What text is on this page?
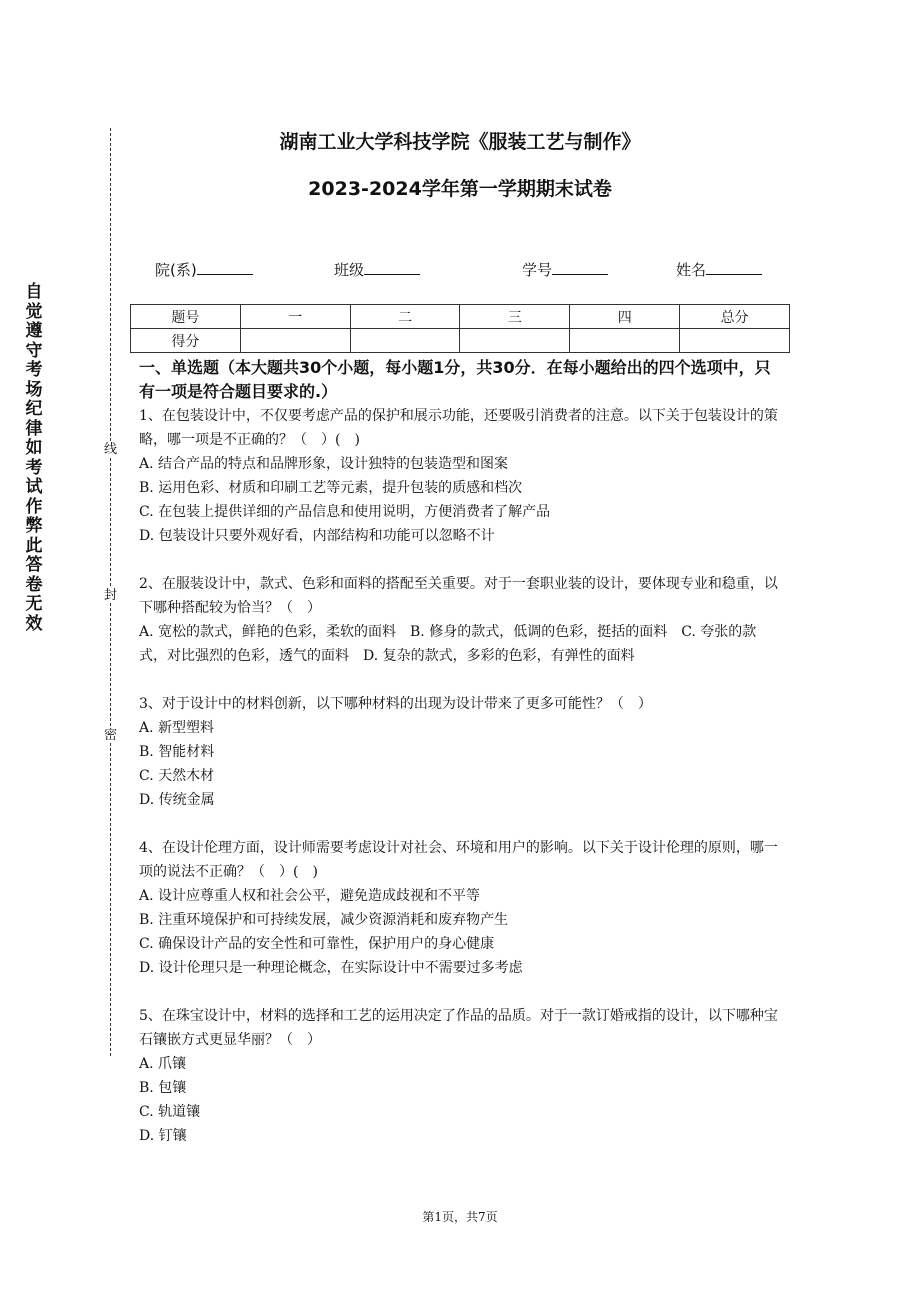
自
觉
遵
守
考
场
纪
律
如
考
试
作
弊
此
答
卷
无
效
线
封
密
湖南工业大学科技学院《服装工艺与制作》
2023-2024学年第一学期期末试卷
院(系)	班级	学号	姓名
题号	一	二	三	四	总分
得分					
一、单选题（本大题共30个小题，每小题1分，共30分．在每小题给出的四个选项中，只有一项是符合题目要求的.）

1、在包装设计中，不仅要考虑产品的保护和展示功能，还要吸引消费者的注意。以下关于包装设计的策略，哪一项是不正确的？（　）(　)

A. 结合产品的特点和品牌形象，设计独特的包装造型和图案
B. 运用色彩、材质和印刷工艺等元素，提升包装的质感和档次
C. 在包装上提供详细的产品信息和使用说明，方便消费者了解产品
D. 包装设计只要外观好看，内部结构和功能可以忽略不计

2、在服装设计中，款式、色彩和面料的搭配至关重要。对于一套职业装的设计，要体现专业和稳重，以下哪种搭配较为恰当？（　）

A. 宽松的款式，鲜艳的色彩，柔软的面料　B. 修身的款式，低调的色彩，挺括的面料　C. 夸张的款式，对比强烈的色彩，透气的面料　D. 复杂的款式，多彩的色彩，有弹性的面料

3、对于设计中的材料创新，以下哪种材料的出现为设计带来了更多可能性？（　）

A. 新型塑料
B. 智能材料
C. 天然木材
D. 传统金属

4、在设计伦理方面，设计师需要考虑设计对社会、环境和用户的影响。以下关于设计伦理的原则，哪一项的说法不正确？（　）(　)

A. 设计应尊重人权和社会公平，避免造成歧视和不平等
B. 注重环境保护和可持续发展，减少资源消耗和废弃物产生
C. 确保设计产品的安全性和可靠性，保护用户的身心健康
D. 设计伦理只是一种理论概念，在实际设计中不需要过多考虑

5、在珠宝设计中，材料的选择和工艺的运用决定了作品的品质。对于一款订婚戒指的设计，以下哪种宝石镶嵌方式更显华丽？（　）

A. 爪镶
B. 包镶
C. 轨道镶
D. 钉镶
第1页，共7页
